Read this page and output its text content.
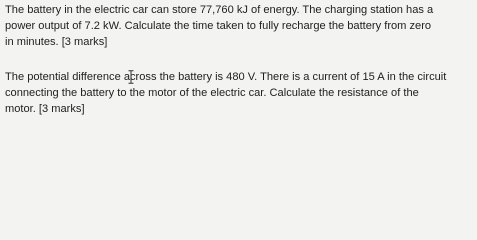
The battery in the electric car can store 77,760 kJ of energy. The charging station has a
power output of 7.2 kW. Calculate the time taken to fully recharge the battery from zero
in minutes. [3 marks]
The potential difference across the battery is 480 V. There is a current of 15 A in the circuit
connecting the battery to the motor of the electric car. Calculate the resistance of the
motor. [3 marks]
